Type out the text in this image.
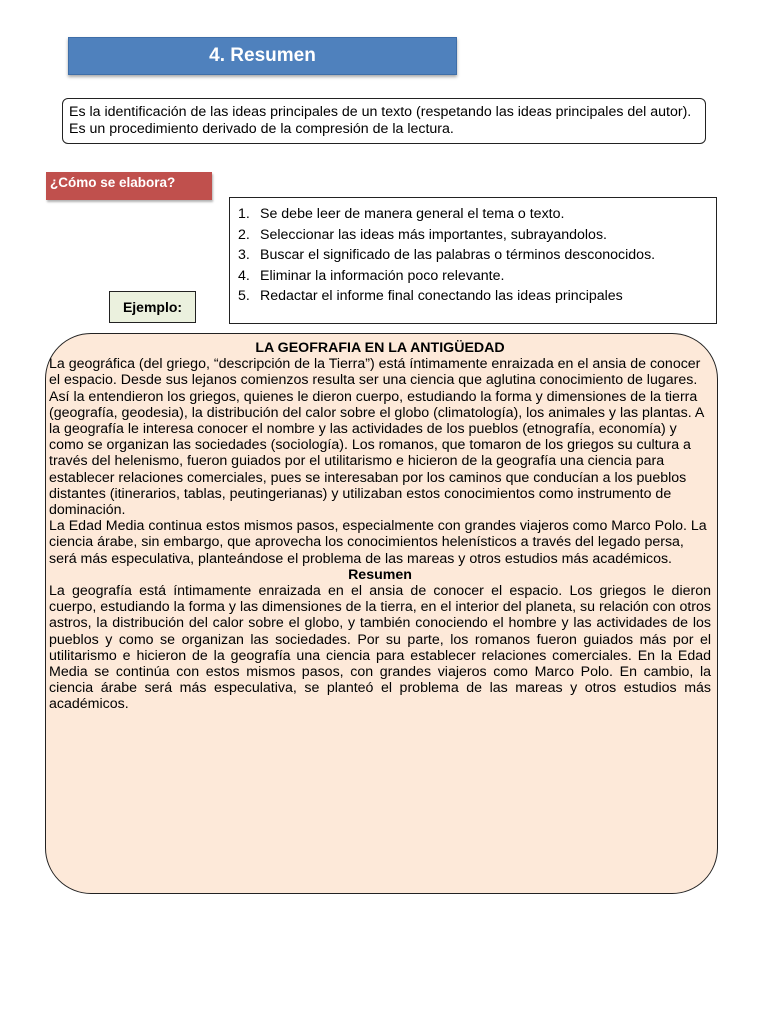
4. Resumen
Es la identificación de las ideas principales de un texto (respetando las ideas principales del autor). Es un procedimiento derivado de la compresión de la lectura.
¿Cómo se elabora?
1. Se debe leer de manera general el tema o texto.
2. Seleccionar las ideas más importantes, subrayandolos.
3. Buscar el significado de las palabras o términos desconocidos.
4. Eliminar la información poco relevante.
5. Redactar el informe final conectando las ideas principales
Ejemplo:
LA GEOFRAFIA EN LA ANTIGÜEDAD

La geográfica (del griego, “descripción de la Tierra”) está íntimamente enraizada en el ansia de conocer el espacio. Desde sus lejanos comienzos resulta ser una ciencia que aglutina conocimiento de lugares.

Así la entendieron los griegos, quienes le dieron cuerpo, estudiando la forma y dimensiones de la tierra (geografía, geodesia), la distribución del calor sobre el globo (climatología), los animales y las plantas. A la geografía le interesa conocer el nombre y las actividades de los pueblos (etnografía, economía) y como se organizan las sociedades (sociología). Los romanos, que tomaron de los griegos su cultura a través del helenismo, fueron guiados por el utilitarismo e hicieron de la geografía una ciencia para establecer relaciones comerciales, pues se interesaban por los caminos que conducían a los pueblos distantes (itinerarios, tablas, peutingerianas) y utilizaban estos conocimientos como instrumento de dominación.

La Edad Media continua estos mismos pasos, especialmente con grandes viajeros como Marco Polo. La ciencia árabe, sin embargo, que aprovecha los conocimientos helenísticos a través del legado persa, será más especulativa, planteándose el problema de las mareas y otros estudios más académicos.

Resumen

La geografía está íntimamente enraizada en el ansia de conocer el espacio. Los griegos le dieron cuerpo, estudiando la forma y las dimensiones de la tierra, en el interior del planeta, su relación con otros astros, la distribución del calor sobre el globo, y también conociendo el hombre y las actividades de los pueblos y como se organizan las sociedades. Por su parte, los romanos fueron guiados más por el utilitarismo e hicieron de la geografía una ciencia para establecer relaciones comerciales. En la Edad Media se continúa con estos mismos pasos, con grandes viajeros como Marco Polo. En cambio, la ciencia árabe será más especulativa, se planteó el problema de las mareas y otros estudios más académicos.
